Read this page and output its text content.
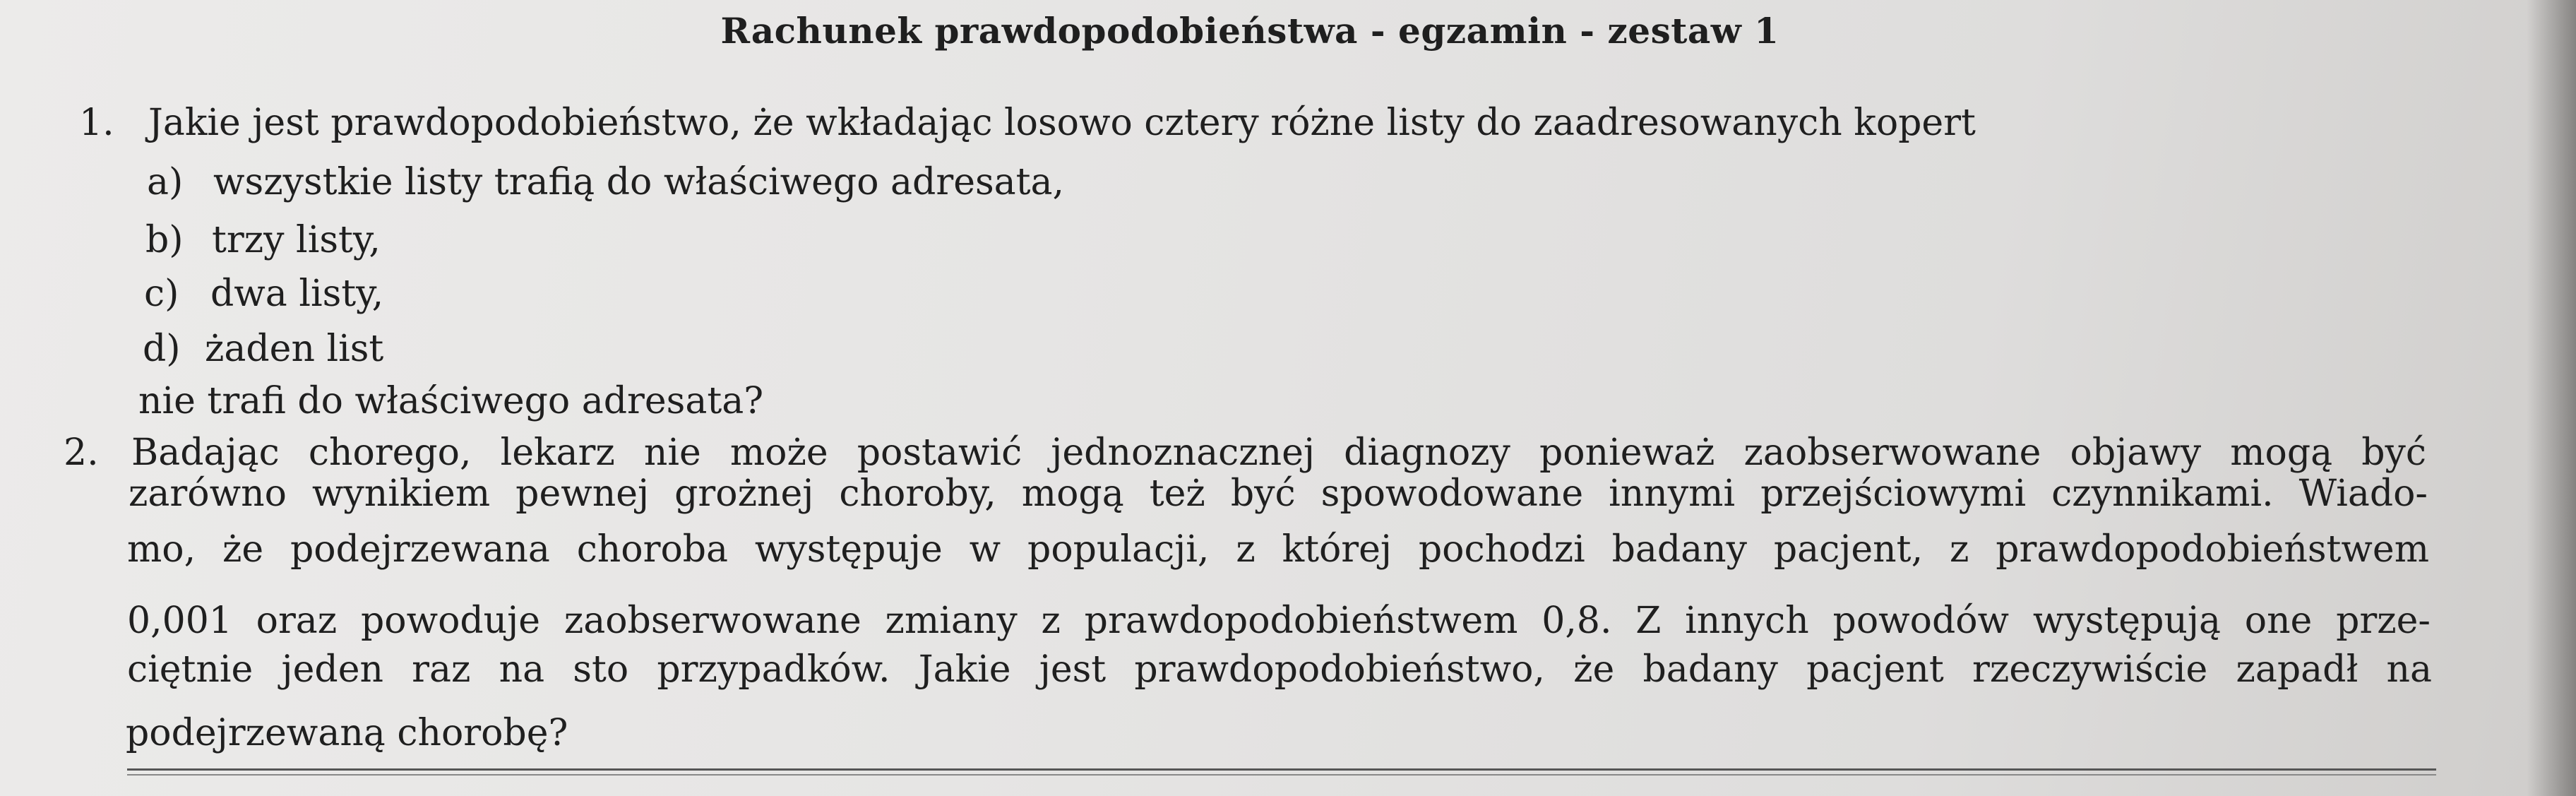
Rachunek prawdopodobieństwa - egzamin - zestaw 1
1. Jakie jest prawdopodobieństwo, że wkładając losowo cztery różne listy do zaadresowanych kopert
a) wszystkie listy trafią do właściwego adresata,
b) trzy listy,
c) dwa listy,
d) żaden list
nie trafi do właściwego adresata?
2. Badając chorego, lekarz nie może postawić jednoznacznej diagnozy ponieważ zaobserwowane objawy mogą być
zarówno wynikiem pewnej grożnej choroby, mogą też być spowodowane innymi przejściowymi czynnikami. Wiado-
mo, że podejrzewana choroba występuje w populacji, z której pochodzi badany pacjent, z prawdopodobieństwem
0,001 oraz powoduje zaobserwowane zmiany z prawdopodobieństwem 0,8. Z innych powodów występują one prze-
ciętnie jeden raz na sto przypadków. Jakie jest prawdopodobieństwo, że badany pacjent rzeczywiście zapadł na
podejrzewaną chorobę?
